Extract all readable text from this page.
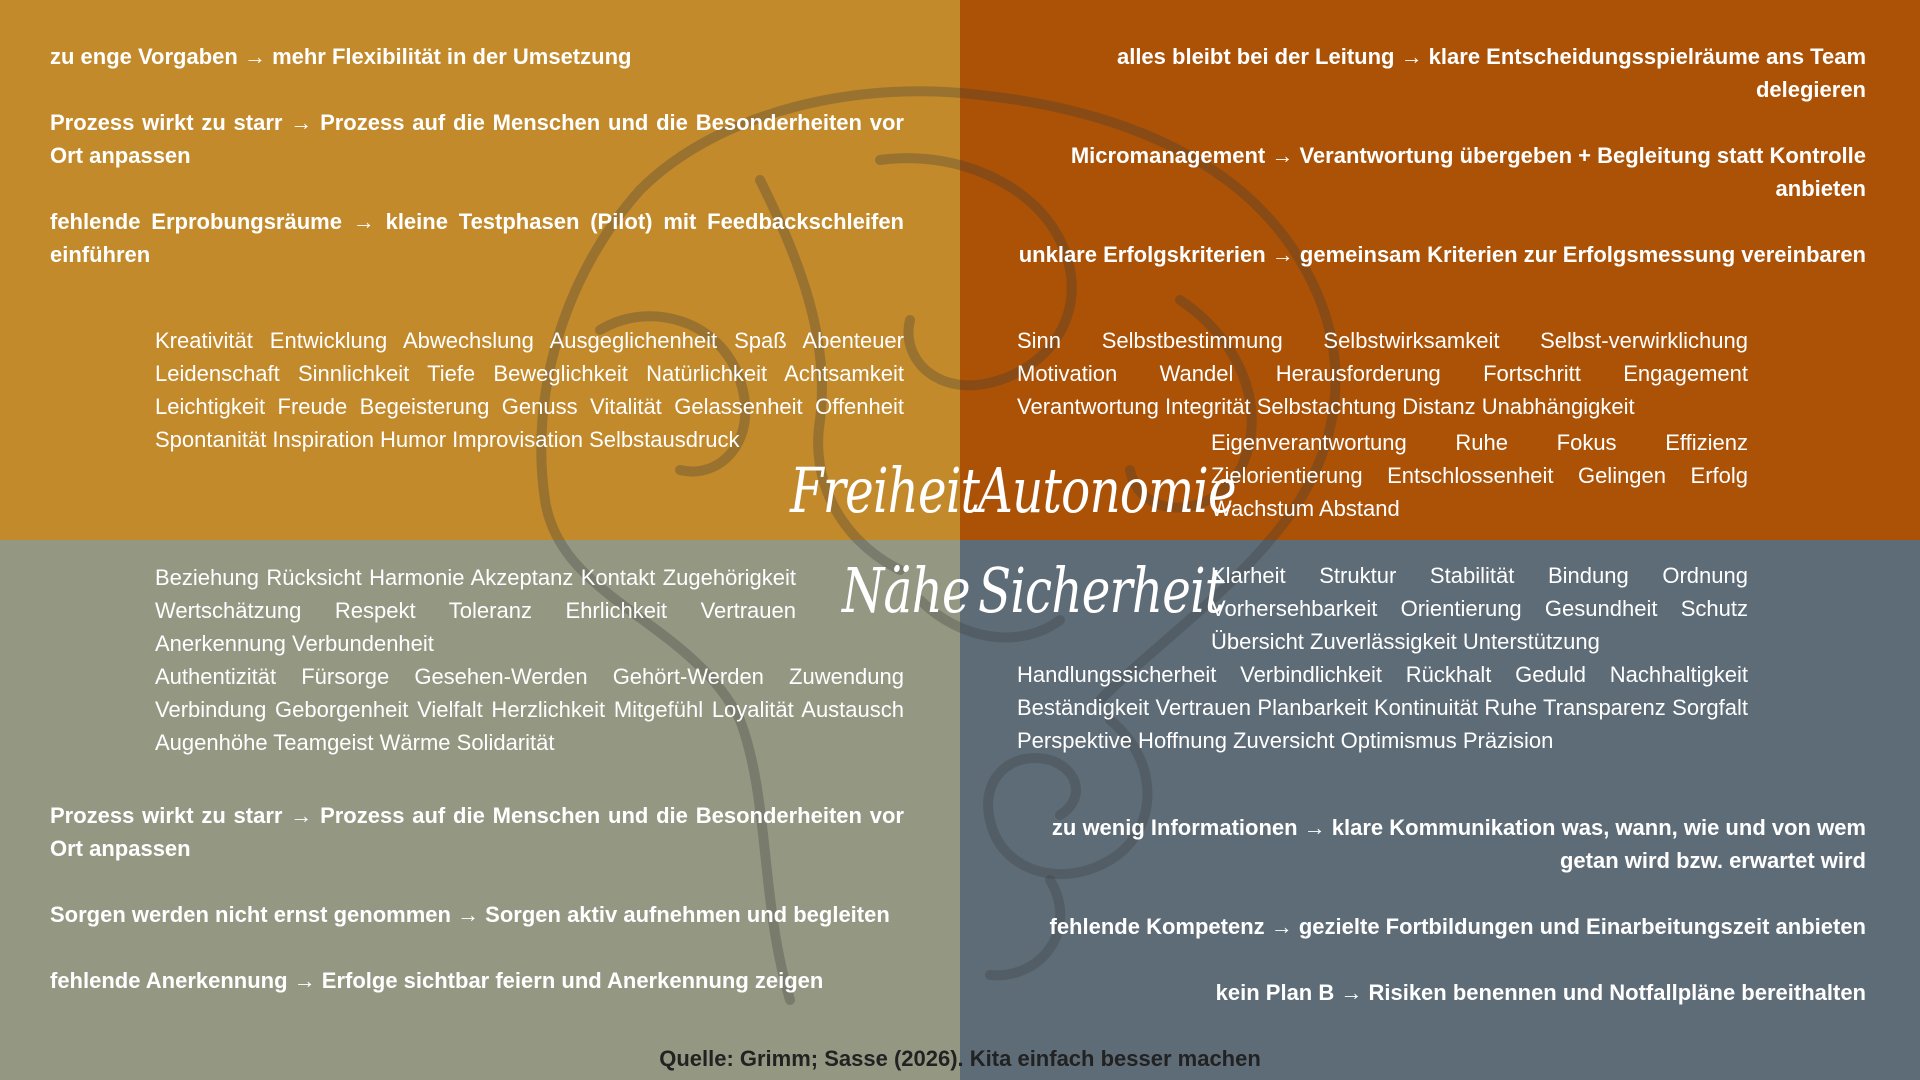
zu enge Vorgaben → mehr Flexibilität in der Umsetzung

Prozess wirkt zu starr → Prozess auf die Menschen und die Besonderheiten vor Ort anpassen

fehlende Erprobungsräume → kleine Testphasen (Pilot) mit Feedbackschleifen einführen

Kreativität Entwicklung Abwechslung Ausgeglichenheit Spaß Abenteuer Leidenschaft Sinnlichkeit Tiefe Beweglichkeit Natürlichkeit Achtsamkeit Leichtigkeit Freude Begeisterung Genuss Vitalität Gelassenheit Offenheit Spontanität Inspiration Humor Improvisation Selbstausdruck

alles bleibt bei der Leitung → klare Entscheidungsspielräume ans Team delegieren

Micromanagement → Verantwortung übergeben + Begleitung statt Kontrolle anbieten

unklare Erfolgskriterien → gemeinsam Kriterien zur Erfolgsmessung vereinbaren

Sinn Selbstbestimmung Selbstwirksamkeit Selbst-verwirklichung Motivation Wandel Herausforderung Fortschritt Engagement Verantwortung Integrität Selbstachtung Distanz Unabhängigkeit
Eigenverantwortung Ruhe Fokus Effizienz Zielorientierung Entschlossenheit Gelingen Erfolg Wachstum Abstand
Beziehung Rücksicht Harmonie Akzeptanz Kontakt Zugehörigkeit Wertschätzung Respekt Toleranz Ehrlichkeit Vertrauen Anerkennung Verbundenheit
Authentizität Fürsorge Gesehen-Werden Gehört-Werden Zuwendung Verbindung Geborgenheit Vielfalt Herzlichkeit Mitgefühl Loyalität Austausch Augenhöhe Teamgeist Wärme Solidarität

Prozess wirkt zu starr → Prozess auf die Menschen und die Besonderheiten vor Ort anpassen

Sorgen werden nicht ernst genommen → Sorgen aktiv aufnehmen und begleiten

fehlende Anerkennung → Erfolge sichtbar feiern und Anerkennung zeigen

Klarheit Struktur Stabilität Bindung Ordnung Vorhersehbarkeit Orientierung Gesundheit Schutz Übersicht Zuverlässigkeit Unterstützung
Handlungssicherheit Verbindlichkeit Rückhalt Geduld Nachhaltigkeit Beständigkeit Vertrauen Planbarkeit Kontinuität Ruhe Transparenz Sorgfalt Perspektive Hoffnung Zuversicht Optimismus Präzision

zu wenig Informationen → klare Kommunikation was, wann, wie und von wem getan wird bzw. erwartet wird

fehlende Kompetenz → gezielte Fortbildungen und Einarbeitungszeit anbieten

kein Plan B → Risiken benennen und Notfallpläne bereithalten

Freiheit
Autonomie
Nähe Sicherheit
Quelle: Grimm; Sasse (2026). Kita einfach besser machen
